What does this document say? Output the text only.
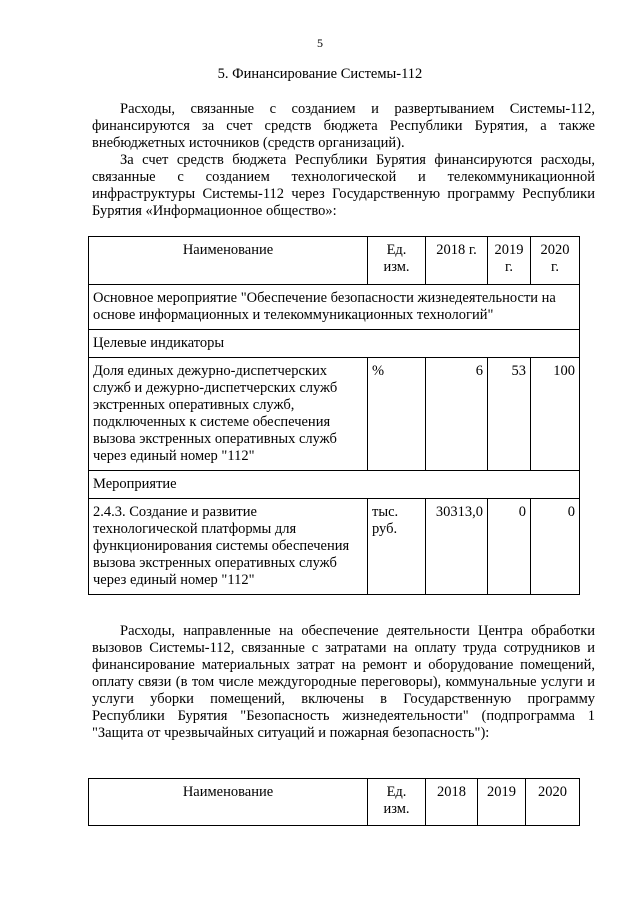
5
5. Финансирование Системы-112
Расходы, связанные с созданием и развертыванием Системы-112, финансируются за счет средств бюджета Республики Бурятия, а также внебюджетных источников (средств организаций).
За счет средств бюджета Республики Бурятия финансируются расходы, связанные с созданием технологической и телекоммуникационной инфраструктуры Системы-112 через Государственную программу Республики Бурятия «Информационное общество»:
Наименование	Ед. изм.	2018 г.	2019 г.	2020 г.
Основное мероприятие "Обеспечение безопасности жизнедеятельности на основе информационных и телекоммуникационных технологий"				
Целевые индикаторы				
Доля единых дежурно-диспетчерских служб и дежурно-диспетчерских служб экстренных оперативных служб, подключенных к системе обеспечения вызова экстренных оперативных служб через единый номер "112"	%	6	53	100
Мероприятие				
2.4.3. Создание и развитие технологической платформы для функционирования системы обеспечения вызова экстренных оперативных служб через единый номер "112"	тыс. руб.	30313,0	0	0
Расходы, направленные на обеспечение деятельности Центра обработки вызовов Системы-112, связанные с затратами на оплату труда сотрудников и финансирование материальных затрат на ремонт и оборудование помещений, оплату связи (в том числе междугородные переговоры), коммунальные услуги и услуги уборки помещений, включены в Государственную программу Республики Бурятия "Безопасность жизнедеятельности" (подпрограмма 1 "Защита от чрезвычайных ситуаций и пожарная безопасность"):
Наименование	Ед. изм.	2018	2019	2020
